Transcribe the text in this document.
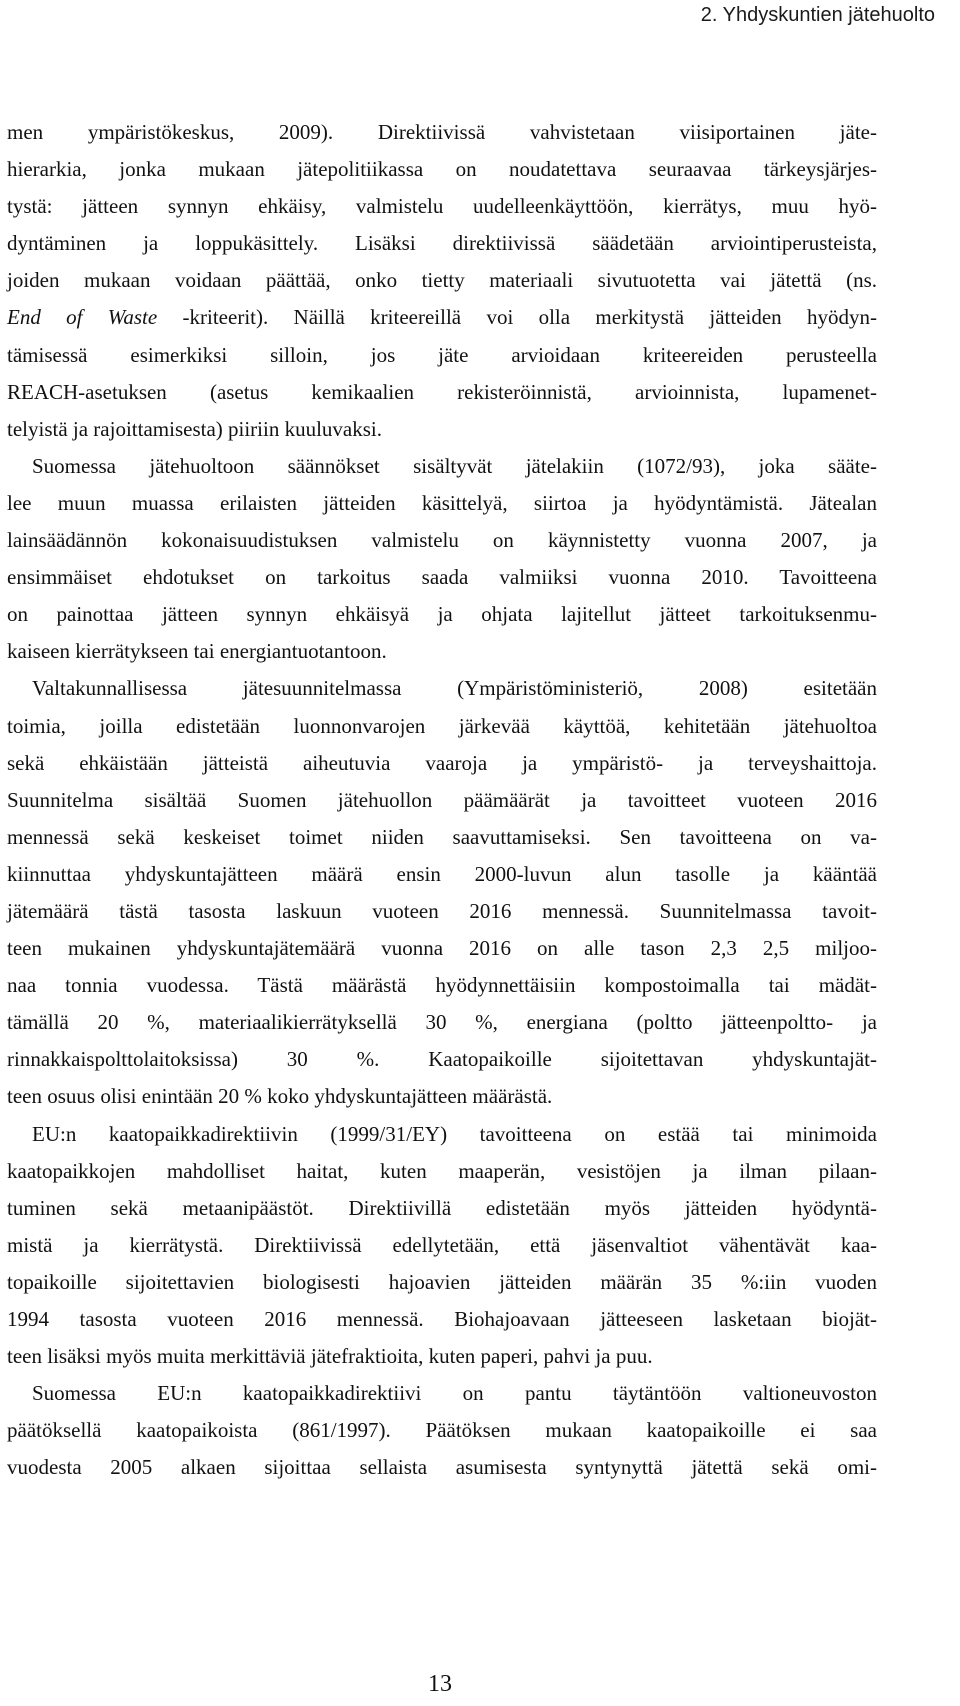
2. Yhdyskuntien jätehuolto
men ympäristökeskus, 2009). Direktiivissä vahvistetaan viisiportainen jäte-
hierarkia, jonka mukaan jätepolitiikassa on noudatettava seuraavaa tärkeysjärjes-
tystä: jätteen synnyn ehkäisy, valmistelu uudelleenkäyttöön, kierrätys, muu hyö-
dyntäminen ja loppukäsittely. Lisäksi direktiivissä säädetään arviointiperusteista,
joiden mukaan voidaan päättää, onko tietty materiaali sivutuotetta vai jätettä (ns.
End of Waste -kriteerit). Näillä kriteereillä voi olla merkitystä jätteiden hyödyn-
tämisessä esimerkiksi silloin, jos jäte arvioidaan kriteereiden perusteella
REACH-asetuksen (asetus kemikaalien rekisteröinnistä, arvioinnista, lupamenet-
telyistä ja rajoittamisesta) piiriin kuuluvaksi.
Suomessa jätehuoltoon säännökset sisältyvät jätelakiin (1072/93), joka sääte-
lee muun muassa erilaisten jätteiden käsittelyä, siirtoa ja hyödyntämistä. Jätealan
lainsäädännön kokonaisuudistuksen valmistelu on käynnistetty vuonna 2007, ja
ensimmäiset ehdotukset on tarkoitus saada valmiiksi vuonna 2010. Tavoitteena
on painottaa jätteen synnyn ehkäisyä ja ohjata lajitellut jätteet tarkoituksenmu-
kaiseen kierrätykseen tai energiantuotantoon.
Valtakunnallisessa jätesuunnitelmassa (Ympäristöministeriö, 2008) esitetään
toimia, joilla edistetään luonnonvarojen järkevää käyttöä, kehitetään jätehuoltoa
sekä ehkäistään jätteistä aiheutuvia vaaroja ja ympäristö- ja terveyshaittoja.
Suunnitelma sisältää Suomen jätehuollon päämäärät ja tavoitteet vuoteen 2016
mennessä sekä keskeiset toimet niiden saavuttamiseksi. Sen tavoitteena on va-
kiinnuttaa yhdyskuntajätteen määrä ensin 2000-luvun alun tasolle ja kääntää
jätemäärä tästä tasosta laskuun vuoteen 2016 mennessä. Suunnitelmassa tavoit-
teen mukainen yhdyskuntajätemäärä vuonna 2016 on alle tason 2,3 2,5 miljoo-
naa tonnia vuodessa. Tästä määrästä hyödynnettäisiin kompostoimalla tai mädät-
tämällä 20 %, materiaalikierrätyksellä 30 %, energiana (poltto jätteenpoltto- ja
rinnakkaispolttolaitoksissa) 30 %. Kaatopaikoille sijoitettavan yhdyskuntajät-
teen osuus olisi enintään 20 % koko yhdyskuntajätteen määrästä.
EU:n kaatopaikkadirektiivin (1999/31/EY) tavoitteena on estää tai minimoida
kaatopaikkojen mahdolliset haitat, kuten maaperän, vesistöjen ja ilman pilaan-
tuminen sekä metaanipäästöt. Direktiivillä edistetään myös jätteiden hyödyntä-
mistä ja kierrätystä. Direktiivissä edellytetään, että jäsenvaltiot vähentävät kaa-
topaikoille sijoitettavien biologisesti hajoavien jätteiden määrän 35 %:iin vuoden
1994 tasosta vuoteen 2016 mennessä. Biohajoavaan jätteeseen lasketaan biojät-
teen lisäksi myös muita merkittäviä jätefraktioita, kuten paperi, pahvi ja puu.
Suomessa EU:n kaatopaikkadirektiivi on pantu täytäntöön valtioneuvoston
päätöksellä kaatopaikoista (861/1997). Päätöksen mukaan kaatopaikoille ei saa
vuodesta 2005 alkaen sijoittaa sellaista asumisesta syntynyttä jätettä sekä omi-
13
